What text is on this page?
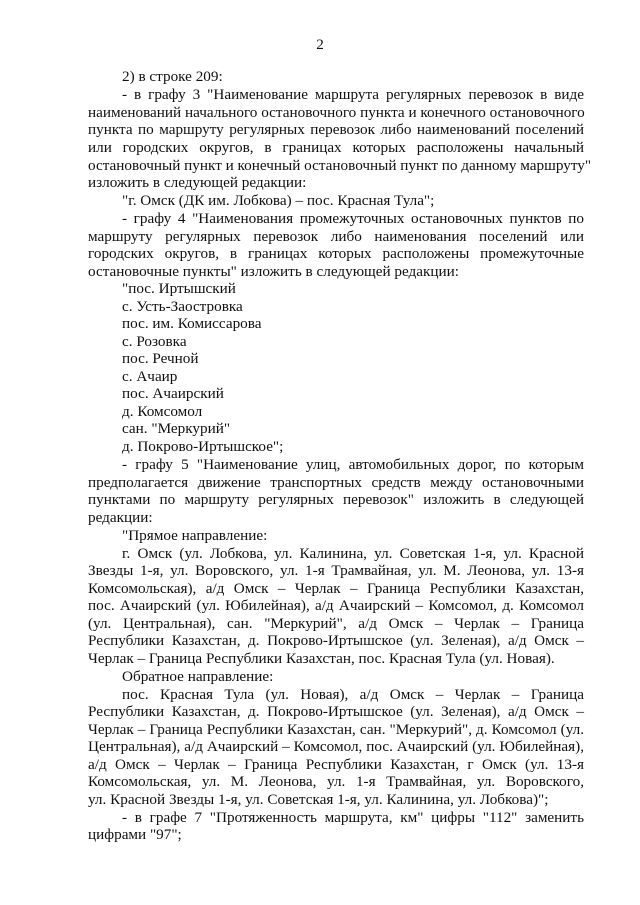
2
2) в строке 209:
- в графу 3 "Наименование маршрута регулярных перевозок в виде
наименований начального остановочного пункта и конечного остановочного
пункта по маршруту регулярных перевозок либо наименований поселений
или городских округов, в границах которых расположены начальный
остановочный пункт и конечный остановочный пункт по данному маршруту"
изложить в следующей редакции:
"г. Омск (ДК им. Лобкова) – пос. Красная Тула";
- графу 4 "Наименования промежуточных остановочных пунктов по
маршруту регулярных перевозок либо наименования поселений или
городских округов, в границах которых расположены промежуточные
остановочные пункты" изложить в следующей редакции:
"пос. Иртышский
с. Усть-Заостровка
пос. им. Комиссарова
с. Розовка
пос. Речной
с. Ачаир
пос. Ачаирский
д. Комсомол
сан. "Меркурий"
д. Покрово-Иртышское";
- графу 5 "Наименование улиц, автомобильных дорог, по которым
предполагается движение транспортных средств между остановочными
пунктами по маршруту регулярных перевозок" изложить в следующей
редакции:
"Прямое направление:
г. Омск (ул. Лобкова, ул. Калинина, ул. Советская 1-я, ул. Красной
Звезды 1-я, ул. Воровского, ул. 1-я Трамвайная, ул. М. Леонова, ул. 13-я
Комсомольская), а/д Омск – Черлак – Граница Республики Казахстан,
пос. Ачаирский (ул. Юбилейная), а/д Ачаирский – Комсомол, д. Комсомол
(ул. Центральная), сан. "Меркурий", а/д Омск – Черлак – Граница
Республики Казахстан, д. Покрово-Иртышское (ул. Зеленая), а/д Омск –
Черлак – Граница Республики Казахстан, пос. Красная Тула (ул. Новая).
Обратное направление:
пос. Красная Тула (ул. Новая), а/д Омск – Черлак – Граница
Республики Казахстан, д. Покрово-Иртышское (ул. Зеленая), а/д Омск –
Черлак – Граница Республики Казахстан, сан. "Меркурий", д. Комсомол (ул.
Центральная), а/д Ачаирский – Комсомол, пос. Ачаирский (ул. Юбилейная),
а/д Омск – Черлак – Граница Республики Казахстан, г Омск (ул. 13-я
Комсомольская, ул. М. Леонова, ул. 1-я Трамвайная, ул. Воровского,
ул. Красной Звезды 1-я, ул. Советская 1-я, ул. Калинина, ул. Лобкова)";
- в графе 7 "Протяженность маршрута, км" цифры "112" заменить
цифрами "97";
